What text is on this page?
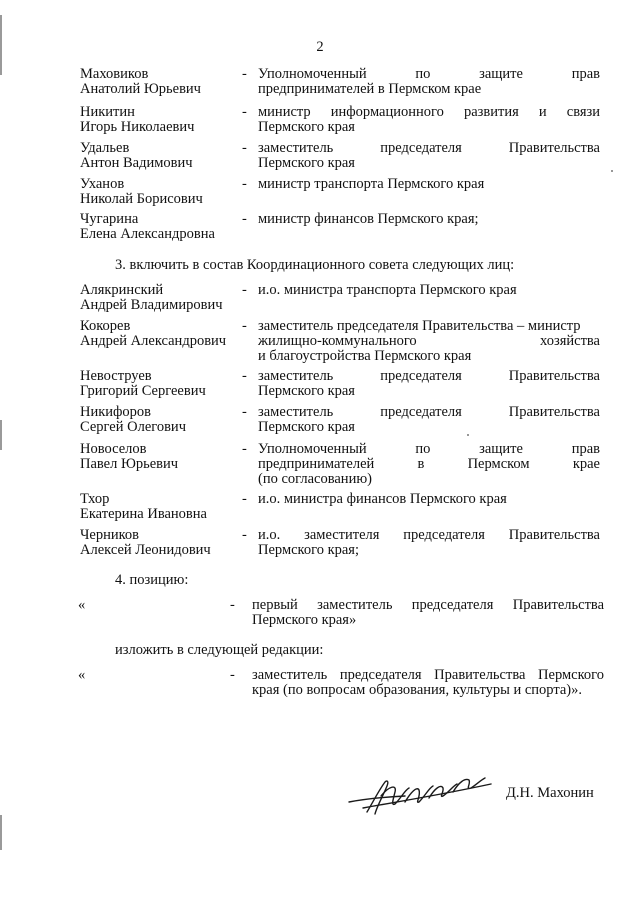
2
Маховиков
Анатолий Юрьевич
- Уполномоченный по защите прав
предпринимателей в Пермском крае
Никитин
Игорь Николаевич
- министр информационного развития и связи
Пермского края
Удальев
Антон Вадимович
- заместитель председателя Правительства
Пермского края
Уханов
Николай Борисович
- министр транспорта Пермского края
Чугарина
Елена Александровна
- министр финансов Пермского края;
3. включить в состав Координационного совета следующих лиц:
Алякринский
Андрей Владимирович
- и.о. министра транспорта Пермского края
Кокорев
Андрей Александрович
- заместитель председателя Правительства – министр
жилищно-коммунального хозяйства
и благоустройства Пермского края
Невоструев
Григорий Сергеевич
- заместитель председателя Правительства
Пермского края
Никифоров
Сергей Олегович
- заместитель председателя Правительства
Пермского края
Новоселов
Павел Юрьевич
- Уполномоченный по защите прав
предпринимателей в Пермском крае
(по согласованию)
Тхор
Екатерина Ивановна
- и.о. министра финансов Пермского края
Черников
Алексей Леонидович
- и.о. заместителя председателя Правительства
Пермского края;
4. позицию:
«	- первый заместитель председателя Правительства
Пермского края»
изложить в следующей редакции:
«	- заместитель председателя Правительства Пермского
края (по вопросам образования, культуры и спорта)».
Д.Н. Махонин
